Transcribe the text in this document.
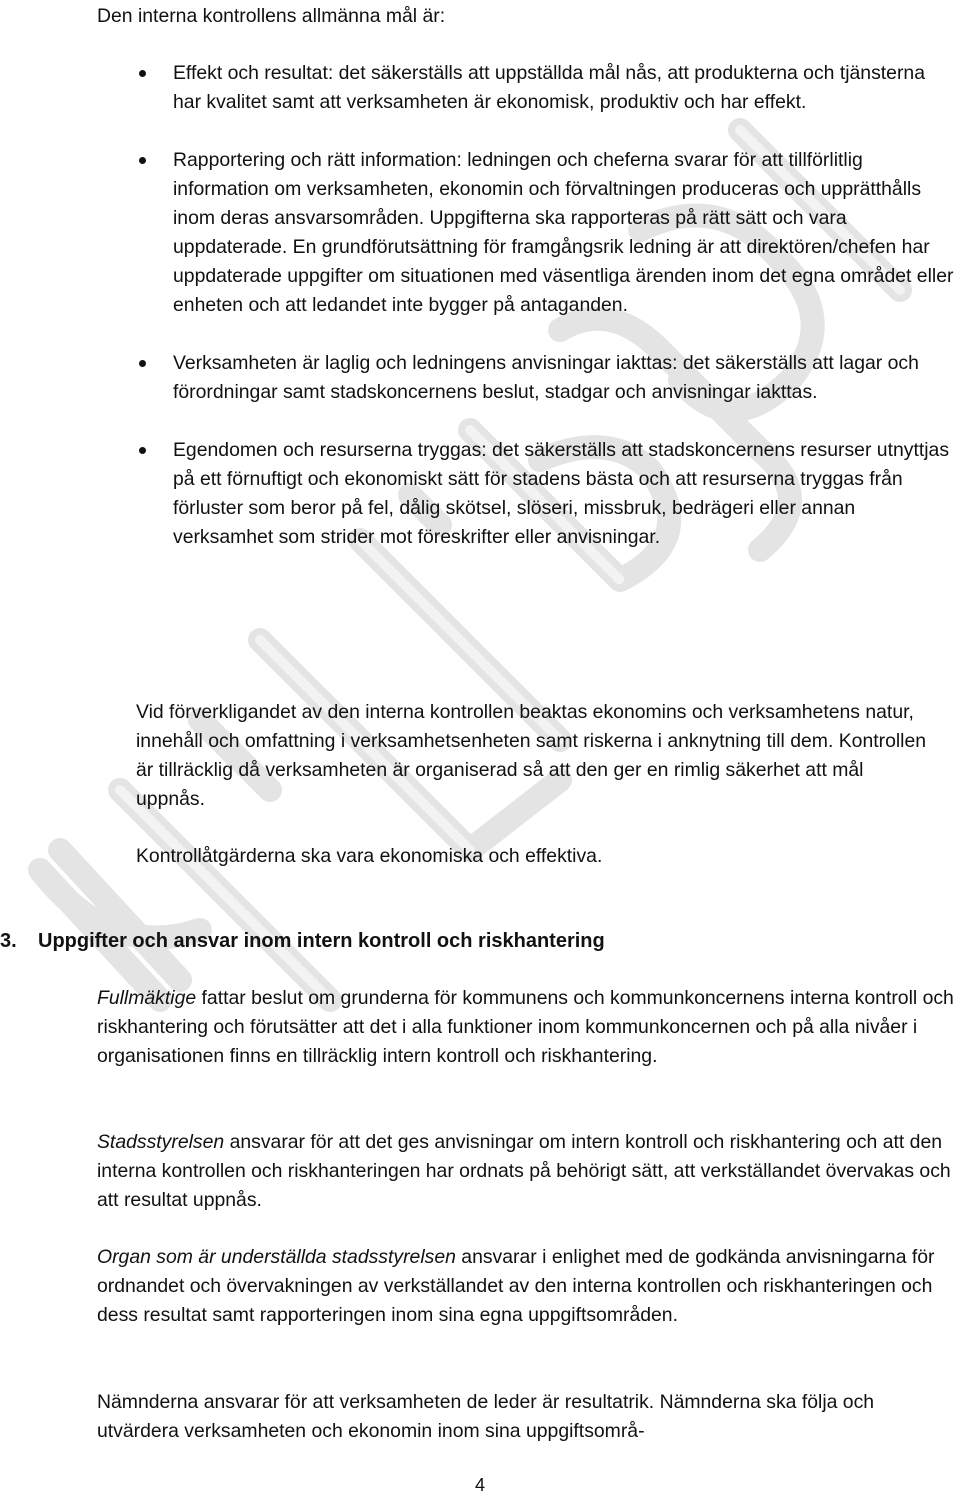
Den interna kontrollens allmänna mål är:

Effekt och resultat: det säkerställs att uppställda mål nås, att produkterna och tjänsterna har kvalitet samt att verksamheten är ekonomisk, produktiv och har effekt.
Rapportering och rätt information: ledningen och cheferna svarar för att tillförlitlig information om verksamheten, ekonomin och förvaltningen produceras och upprätthålls inom deras ansvarsområden. Uppgifterna ska rapporteras på rätt sätt och vara uppdaterade. En grundförutsättning för framgångsrik ledning är att direktören/chefen har uppdaterade uppgifter om situationen med väsentliga ärenden inom det egna området eller enheten och att ledandet inte bygger på antaganden.
Verksamheten är laglig och ledningens anvisningar iakttas: det säkerställs att lagar och förordningar samt stadskoncernens beslut, stadgar och anvisningar iakttas.
Egendomen och resurserna tryggas: det säkerställs att stadskoncernens resurser utnyttjas på ett förnuftigt och ekonomiskt sätt för stadens bästa och att resurserna tryggas från förluster som beror på fel, dålig skötsel, slöseri, missbruk, bedrägeri eller annan verksamhet som strider mot föreskrifter eller anvisningar.

Vid förverkligandet av den interna kontrollen beaktas ekonomins och verksamhetens natur, innehåll och omfattning i verksamhetsenheten samt riskerna i anknytning till dem. Kontrollen är tillräcklig då verksamheten är organiserad så att den ger en rimlig säkerhet att mål uppnås.

Kontrollåtgärderna ska vara ekonomiska och effektiva.

3. Uppgifter och ansvar inom intern kontroll och riskhantering

Fullmäktige fattar beslut om grunderna för kommunens och kommunkoncernens interna kontroll och riskhantering och förutsätter att det i alla funktioner inom kommunkoncernen och på alla nivåer i organisationen finns en tillräcklig intern kontroll och riskhantering.

Stadsstyrelsen ansvarar för att det ges anvisningar om intern kontroll och riskhantering och att den interna kontrollen och riskhanteringen har ordnats på behörigt sätt, att verkställandet övervakas och att resultat uppnås.

Organ som är underställda stadsstyrelsen ansvarar i enlighet med de godkända anvisningarna för ordnandet och övervakningen av verkställandet av den interna kontrollen och riskhanteringen och dess resultat samt rapporteringen inom sina egna uppgiftsområden.

Nämnderna ansvarar för att verksamheten de leder är resultatrik. Nämnderna ska följa och utvärdera verksamheten och ekonomin inom sina uppgiftsområ-

4
